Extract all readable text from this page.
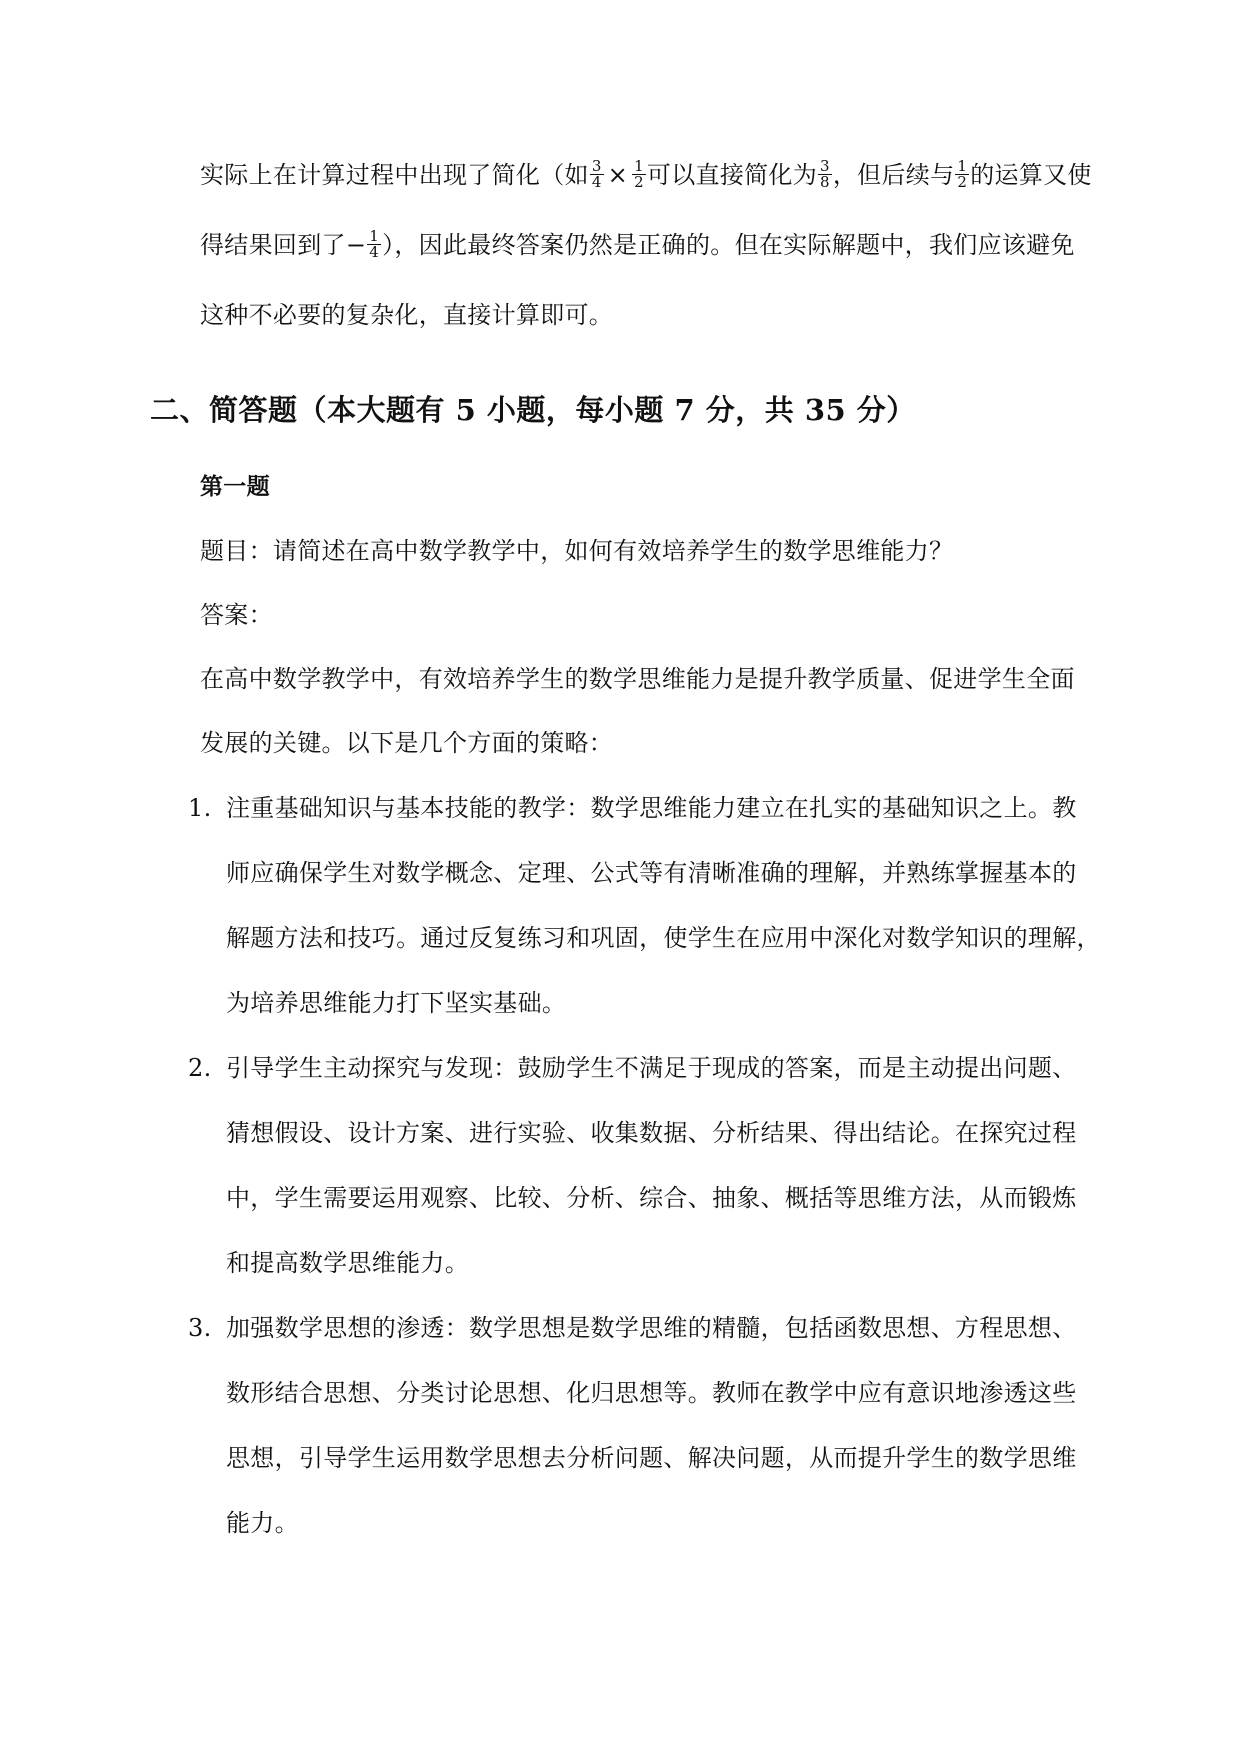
实际上在计算过程中出现了简化（如 $\frac{3}{4} \times \frac{1}{2}$ 可以直接简化为 $\frac{3}{8}$ ，但后续与 $\frac{1}{2}$ 的运算又使
得结果回到了− $\frac{1}{4}$ ），因此最终答案仍然是正确的。但在实际解题中，我们应该避免
这种不必要的复杂化，直接计算即可。
二、简答题（本大题有 5 小题，每小题 7 分，共 35 分）
第一题
题目：请简述在高中数学教学中，如何有效培养学生的数学思维能力？
答案：
在高中数学教学中，有效培养学生的数学思维能力是提升教学质量、促进学生全面
发展的关键。以下是几个方面的策略：
1. 注重基础知识与基本技能的教学：数学思维能力建立在扎实的基础知识之上。教
师应确保学生对数学概念、定理、公式等有清晰准确的理解，并熟练掌握基本的
解题方法和技巧。通过反复练习和巩固，使学生在应用中深化对数学知识的理解，
为培养思维能力打下坚实基础。
2. 引导学生主动探究与发现：鼓励学生不满足于现成的答案，而是主动提出问题、
猜想假设、设计方案、进行实验、收集数据、分析结果、得出结论。在探究过程
中，学生需要运用观察、比较、分析、综合、抽象、概括等思维方法，从而锻炼
和提高数学思维能力。
3. 加强数学思想的渗透：数学思想是数学思维的精髓，包括函数思想、方程思想、
数形结合思想、分类讨论思想、化归思想等。教师在教学中应有意识地渗透这些
思想，引导学生运用数学思想去分析问题、解决问题，从而提升学生的数学思维
能力。
